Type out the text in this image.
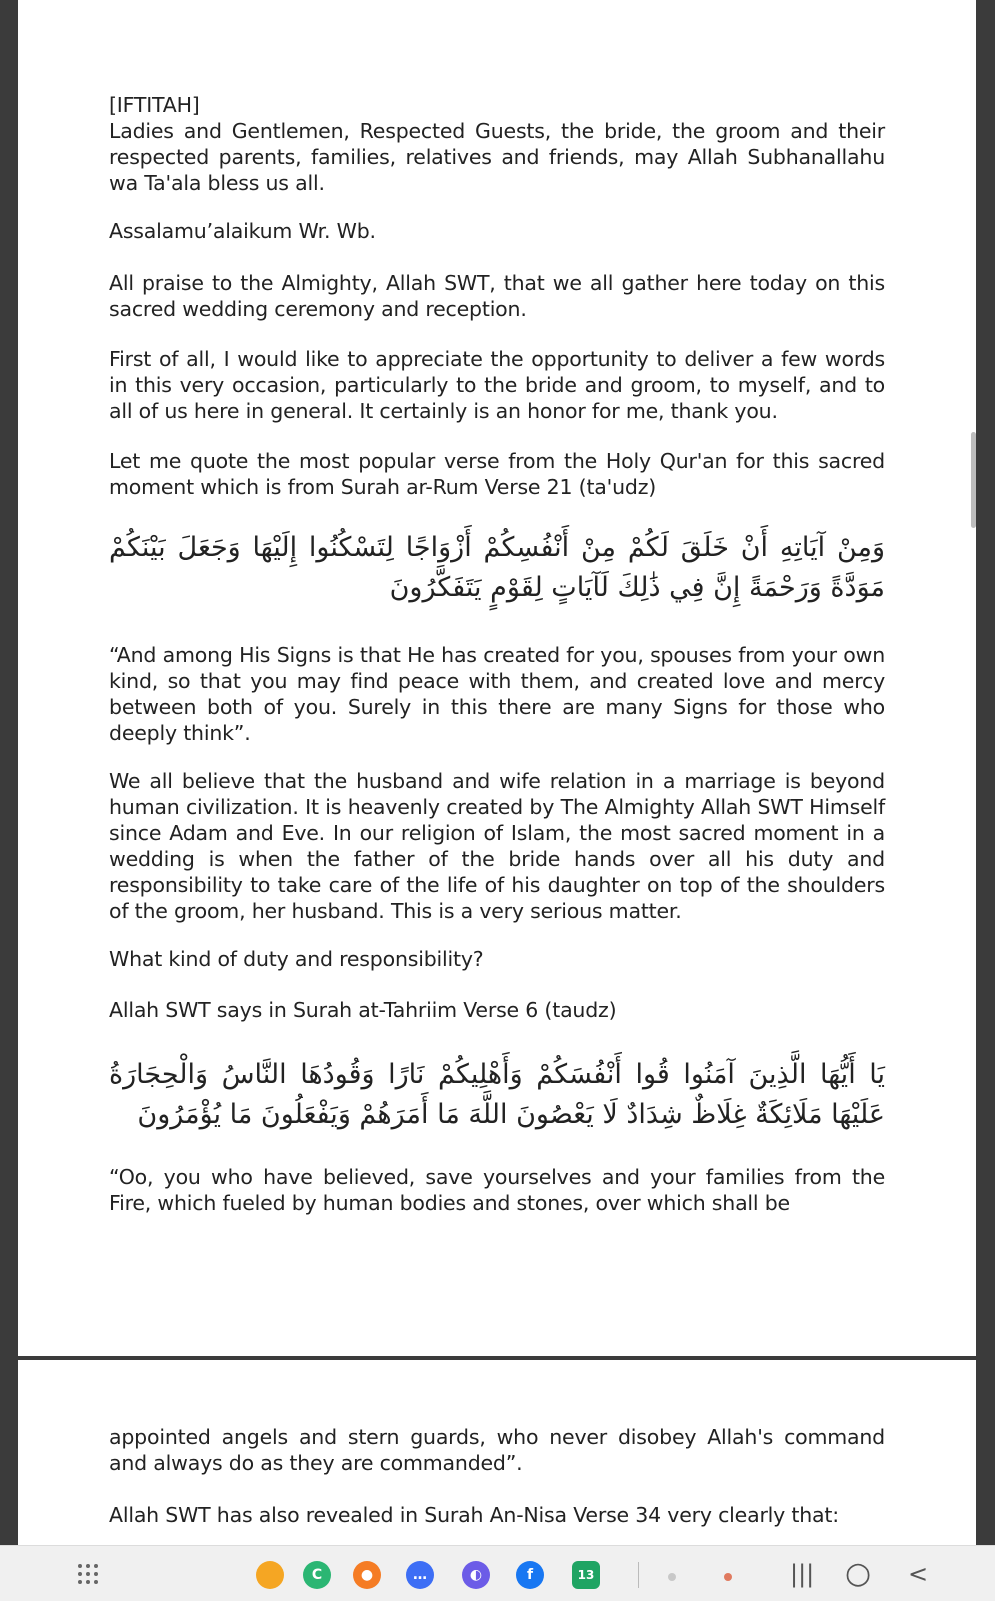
[IFTITAH]

Ladies and Gentlemen, Respected Guests, the bride, the groom and their respected parents, families, relatives and friends, may Allah Subhanallahu wa Ta'ala bless us all.

Assalamu’alaikum Wr. Wb.

All praise to the Almighty, Allah SWT, that we all gather here today on this sacred wedding ceremony and reception.

First of all, I would like to appreciate the opportunity to deliver a few words in this very occasion, particularly to the bride and groom, to myself, and to all of us here in general. It certainly is an honor for me, thank you.

Let me quote the most popular verse from the Holy Qur'an for this sacred moment which is from Surah ar-Rum Verse 21 (ta'udz)

وَمِنْ آيَاتِهِ أَنْ خَلَقَ لَكُمْ مِنْ أَنْفُسِكُمْ أَزْوَاجًا لِتَسْكُنُوا إِلَيْهَا وَجَعَلَ بَيْنَكُمْ مَوَدَّةً وَرَحْمَةً إِنَّ فِي ذَٰلِكَ لَآيَاتٍ لِقَوْمٍ يَتَفَكَّرُونَ

“And among His Signs is that He has created for you, spouses from your own kind, so that you may find peace with them, and created love and mercy between both of you. Surely in this there are many Signs for those who deeply think”.

We all believe that the husband and wife relation in a marriage is beyond human civilization. It is heavenly created by The Almighty Allah SWT Himself since Adam and Eve. In our religion of Islam, the most sacred moment in a wedding is when the father of the bride hands over all his duty and responsibility to take care of the life of his daughter on top of the shoulders of the groom, her husband. This is a very serious matter.

What kind of duty and responsibility?

Allah SWT says in Surah at-Tahriim Verse 6 (taudz)

يَا أَيُّهَا الَّذِينَ آمَنُوا قُوا أَنْفُسَكُمْ وَأَهْلِيكُمْ نَارًا وَقُودُهَا النَّاسُ وَالْحِجَارَةُ عَلَيْهَا مَلَائِكَةٌ غِلَاظٌ شِدَادٌ لَا يَعْصُونَ اللَّهَ مَا أَمَرَهُمْ وَيَفْعَلُونَ مَا يُؤْمَرُونَ

“Oo, you who have believed, save yourselves and your families from the Fire, which fueled by human bodies and stones, over which shall be

appointed angels and stern guards, who never disobey Allah's command and always do as they are commanded”.

Allah SWT has also revealed in Surah An-Nisa Verse 34 very clearly that:

C	●	…	◐	f	13	||| ○ <
